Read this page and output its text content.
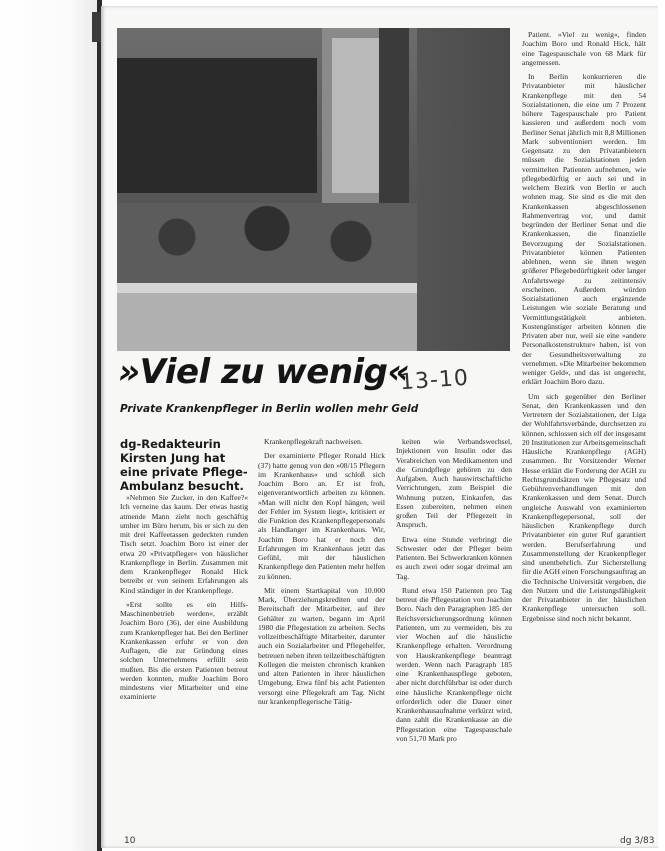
»Viel zu wenig«
13-10
Private Krankenpfleger in Berlin wollen mehr Geld
dg-Redakteurin Kirsten Jung hat eine private Pflege-Ambulanz besucht.

»Nehmen Sie Zucker, in den Kaffee?« Ich verneine das kaum. Der etwas hastig atmende Mann zieht noch geschäftig umher im Büro herum, bis er sich zu den mit drei Kaffeetassen gedeckten runden Tisch setzt. Joachim Boro ist einer der etwa 20 »Privatpfleger« von häuslicher Krankenpflege in Berlin. Zusammen mit dem Krankenpfleger Ronald Hick betreibt er von seinem Erfahrungen als Kind ständiger in der Krankenpflege.

»Erst sollte es ein Hilfs-Maschinenbetrieb werden«, erzählt Joachim Boro (36), der eine Ausbildung zum Krankenpfleger hat. Bei den Berliner Krankenkassen erfuhr er von den Auflagen, die zur Gründung eines solchen Unternehmens erfüllt sein mußten. Bis die ersten Patienten betreut werden konnten, mußte Joachim Boro mindestens vier Mitarbeiter und eine examinierte

Krankenpflegekraft nachweisen.

Der examinierte Pfleger Ronald Hick (37) hatte genug von den »08/15 Pflegern im Krankenhaus« und schloß sich Joachim Boro an. Er ist froh, eigenverantwortlich arbeiten zu können. »Man will nicht den Kopf hängen, weil der Fehler im System liegt«, kritisiert er die Funktion des Krankenpflegepersonals als Handlanger im Krankenhaus. Wir, Joachim Boro hat er noch den Erfahrungen im Krankenhaus jetzt das Gefühl, mit der häuslichen Krankenpflege den Patienten mehr helfen zu können.

Mit einem Startkapital von 10.000 Mark, Überziehungskrediten und der Bereitschaft der Mitarbeiter, auf ihre Gehälter zu warten, begann im April 1980 die Pflegestation zu arbeiten. Sechs vollzeitbeschäftigte Mitarbeiter, darunter auch ein Sozialarbeiter und Pflegehelfer, betreuen neben ihren teilzeitbeschäftigten Kollegen die meisten chronisch kranken und alten Patienten in ihrer häuslichen Umgebung. Etwa fünf bis acht Patienten versorgt eine Pflegekraft am Tag. Nicht nur krankenpflegerische Tätig-

keiten wie Verbandswechsel, Injektionen von Insulin oder das Verabreichen von Medikamenten und die Grundpflege gehören zu den Aufgaben. Auch hauswirtschaftliche Verrichtungen, zum Beispiel die Wohnung putzen, Einkaufen, das Essen zubereiten, nehmen einen großen Teil der Pflegezeit in Anspruch.

Etwa eine Stunde verbringt die Schwester oder der Pfleger beim Patienten. Bei Schwerkranken können es auch zwei oder sogar dreimal am Tag.

Rund etwa 150 Patienten pro Tag betreut die Pflegestation von Joachim Boro. Nach den Paragraphen 185 der Reichsversicherungsordnung können Patienten, um zu vermeiden, bis zu vier Wochen auf die häusliche Krankenpflege erhalten. Verordnung von Hauskrankenpflege beantragt werden. Wenn nach Paragraph 185 eine Krankenhauspflege geboten, aber nicht durchführbar ist oder durch eine häusliche Krankenpflege nicht erforderlich oder die Dauer einer Krankenhausaufnahme verkürzt wird, dann zahlt die Krankenkasse an die Pflegestation eine Tagespauschale von 51,70 Mark pro

Patient. »Viel zu wenig«, finden Joachim Boro und Ronald Hick, hält eine Tagespauschale von 68 Mark für angemessen.

In Berlin konkurrieren die Privatanbieter mit häuslicher Krankenpflege mit den 54 Sozialstationen, die eine um 7 Prozent höhere Tagespauschale pro Patient kassieren und außerdem noch vom Berliner Senat jährlich mit 8,8 Millionen Mark subventioniert werden. Im Gegensatz zu den Privatanbietern müssen die Sozialstationen jeden vermittelten Patienten aufnehmen, wie pflegebedürftig er auch sei und in welchem Bezirk von Berlin er auch wohnen mag. Sie sind es die mit den Krankenkassen abgeschlossenen Rahmenvertrag vor, und damit begründen der Berliner Senat und die Krankenkassen, die finanzielle Bevorzugung der Sozialstationen. Privatanbieter können Patienten ablehnen, wenn sie ihnen wegen größerer Pflegebedürftigkeit oder langer Anfahrtswege zu zeitintensiv erscheinen. Außerdem würden Sozialstationen auch ergänzende Leistungen wie soziale Beratung und Vermittlungstätigkeit anbieten. Kostengünstiger arbeiten können die Privaten aber nur, weil sie eine »andere Personalkostenstruktur« haben, ist von der Gesundheitsverwaltung zu vernehmen. »Die Mitarbeiter bekommen weniger Geld«, und das ist ungerecht, erklärt Joachim Boro dazu.

Um sich gegenüber den Berliner Senat, den Krankenkassen und den Vertretern der Sozialstationen, der Liga der Wohlfahrtsverbände, durchsetzen zu können, schlossen sich elf der insgesamt 20 Institutionen zur Arbeitsgemeinschaft Häusliche Krankenpflege (AGH) zusammen. Ihr Vorsitzender Werner Hesse erklärt die Forderung der AGH zu Rechtsgrundsätzen wie Pflegesatz und Gebührenverhandlungen mit den Krankenkassen und dem Senat. Durch ungleiche Auswahl von examinierten Krankenpflegepersonal, soll der häuslichen Krankenpflege durch Privatanbieter ein guter Ruf garantiert werden. Berufserfahrung und Zusammenstellung der Krankenpfleger sind unentbehrlich. Zur Sicherstellung für die AGH einen Forschungsauftrag an die Technische Universität vergeben, die den Nutzen und die Leistungsfähigkeit der Privatanbieter in der häuslichen Krankenpflege untersuchen soll. Ergebnisse sind noch nicht bekannt.

10	dg 3/83
